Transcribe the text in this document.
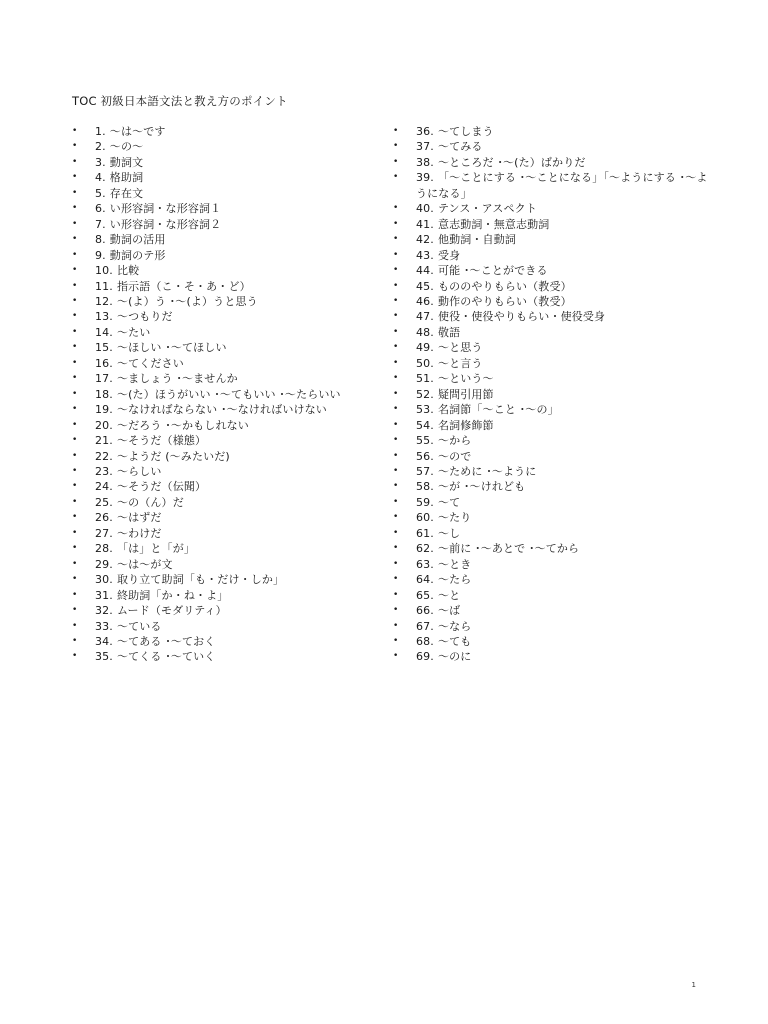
TOC 初級日本語文法と教え方のポイント
•	1. ～は～です
•	2. ～の～
•	3. 動詞文
•	4. 格助詞
•	5. 存在文
•	6. い形容詞・な形容詞１
•	7. い形容詞・な形容詞２
•	8. 動詞の活用
•	9. 動詞のテ形
•	10. 比較
•	11. 指示語（こ・そ・あ・ど）
•	12. ～(よ）う ･～(よ）うと思う
•	13. ～つもりだ
•	14. ～たい
•	15. ～ほしい ･～てほしい
•	16. ～てください
•	17. ～ましょう ･～ませんか
•	18. ～(た）ほうがいい ･～てもいい ･～たらいい
•	19. ～なければならない ･～なければいけない
•	20. ～だろう ･～かもしれない
•	21. ～そうだ（様態）
•	22. ～ようだ (～みたいだ)
•	23. ～らしい
•	24. ～そうだ（伝聞）
•	25. ～の（ん）だ
•	26. ～はずだ
•	27. ～わけだ
•	28. 「は」と「が」
•	29. ～は～が文
•	30. 取り立て助詞「も・だけ・しか」
•	31. 終助詞「か・ね・よ」
•	32. ムード（モダリティ）
•	33. ～ている
•	34. ～てある ･～ておく
•	35. ～てくる ･～ていく
•	36. ～てしまう
•	37. ～てみる
•	38. ～ところだ ･～(た）ばかりだ
•	39. 「～ことにする ･～ことになる」「～ようにする ･～ようになる」
•	40. テンス・アスペクト
•	41. 意志動詞・無意志動詞
•	42. 他動詞・自動詞
•	43. 受身
•	44. 可能 ･～ことができる
•	45. もののやりもらい（教受）
•	46. 動作のやりもらい（教受）
•	47. 使役・使役やりもらい・使役受身
•	48. 敬語
•	49. ～と思う
•	50. ～と言う
•	51. ～という～
•	52. 疑問引用節
•	53. 名詞節「～こと ･～の」
•	54. 名詞修飾節
•	55. ～から
•	56. ～ので
•	57. ～ために ･～ように
•	58. ～が ･～けれども
•	59. ～て
•	60. ～たり
•	61. ～し
•	62. ～前に ･～あとで ･～てから
•	63. ～とき
•	64. ～たら
•	65. ～と
•	66. ～ば
•	67. ～なら
•	68. ～ても
•	69. ～のに
1
